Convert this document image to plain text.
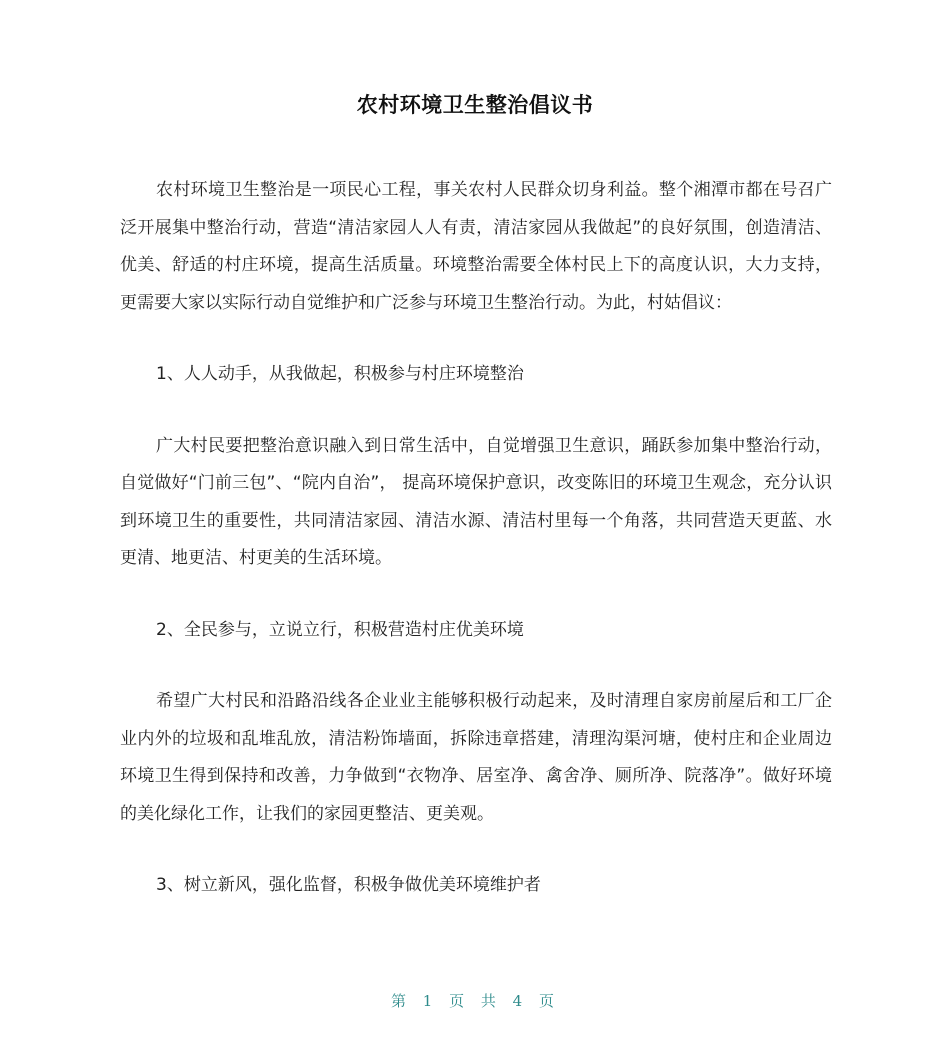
农村环境卫生整治倡议书

农村环境卫生整治是一项民心工程，事关农村人民群众切身利益。整个湘潭市都在号召广泛开展集中整治行动，营造“清洁家园人人有责，清洁家园从我做起”的良好氛围，创造清洁、优美、舒适的村庄环境，提高生活质量。环境整治需要全体村民上下的高度认识，大力支持，更需要大家以实际行动自觉维护和广泛参与环境卫生整治行动。为此，村姑倡议：

1、人人动手，从我做起，积极参与村庄环境整治

广大村民要把整治意识融入到日常生活中，自觉增强卫生意识，踊跃参加集中整治行动，自觉做好“门前三包”、“院内自治”， 提高环境保护意识，改变陈旧的环境卫生观念，充分认识到环境卫生的重要性，共同清洁家园、清洁水源、清洁村里每一个角落，共同营造天更蓝、水更清、地更洁、村更美的生活环境。

2、全民参与，立说立行，积极营造村庄优美环境

希望广大村民和沿路沿线各企业业主能够积极行动起来，及时清理自家房前屋后和工厂企业内外的垃圾和乱堆乱放，清洁粉饰墙面，拆除违章搭建，清理沟渠河塘，使村庄和企业周边环境卫生得到保持和改善，力争做到“衣物净、居室净、禽舍净、厕所净、院落净”。做好环境的美化绿化工作，让我们的家园更整洁、更美观。

3、树立新风，强化监督，积极争做优美环境维护者

第 1 页 共 4 页
